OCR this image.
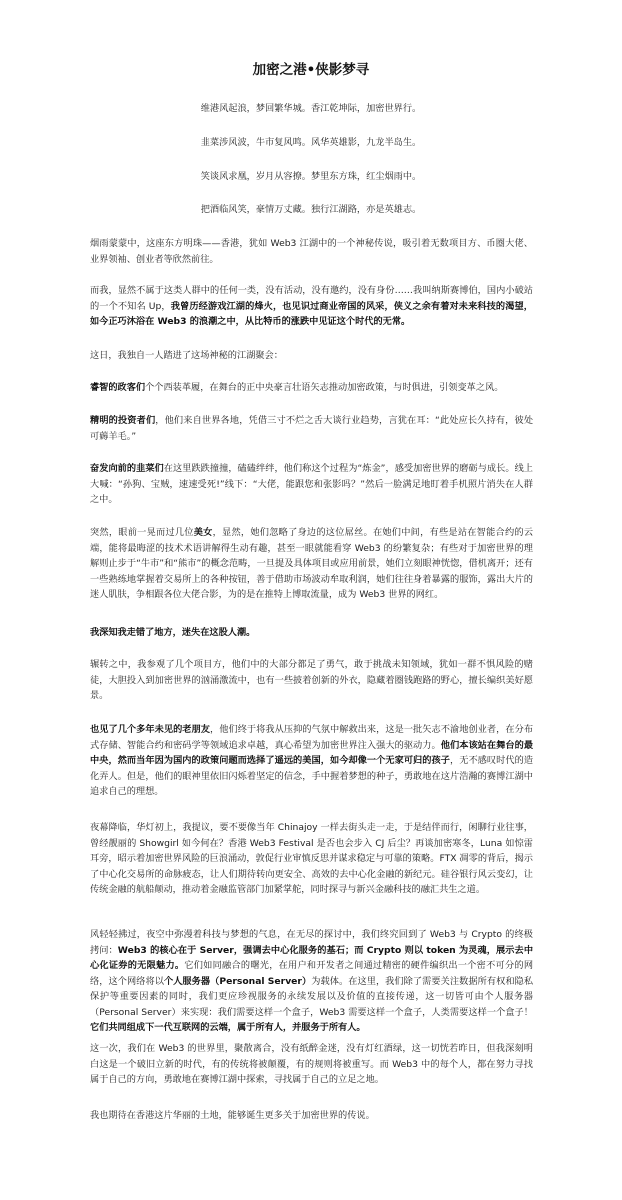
加密之港•侠影梦寻
维港风起浪，梦回繁华城。香江乾坤际，加密世界行。
韭菜涉风波，牛市复风鸣。风华英雄影，九龙半岛生。
笑谈风求凰，岁月从容撩。梦里东方珠，红尘烟雨中。
把酒临风笑，豪情万丈藏。独行江湖路，亦是英雄志。

烟雨蒙蒙中，这座东方明珠——香港，犹如 Web3 江湖中的一个神秘传说，吸引着无数项目方、币圈大佬、业界领袖、创业者等欣然前往。

而我，显然不属于这类人群中的任何一类，没有活动，没有邀约，没有身份……我叫纳斯赛博伯，国内小破站的一个不知名 Up，我曾历经游戏江湖的烽火，也见识过商业帝国的风采，侠义之余有着对未来科技的渴望，如今正巧沐浴在 Web3 的浪潮之中，从比特币的涨跌中见证这个时代的无常。

这日，我独自一人踏进了这场神秘的江湖聚会：

睿智的政客们个个西装革履，在舞台的正中央豪言壮语矢志推动加密政策，与时俱进，引领变革之风。

精明的投资者们，他们来自世界各地，凭借三寸不烂之舌大谈行业趋势，言犹在耳：“此处应长久持有，彼处可薅羊毛。”

奋发向前的韭菜们在这里跌跌撞撞，磕磕绊绊，他们称这个过程为“炼金”，感受加密世界的磨砺与成长。线上大喊：“孙狗、宝贼，速速受死!”线下：“大佬，能跟您和张影吗？”然后一脸满足地盯着手机照片消失在人群之中。

突然，眼前一晃而过几位美女，显然，她们忽略了身边的这位屌丝。在她们中间，有些是站在智能合约的云端，能将最晦涩的技术术语讲解得生动有趣，甚至一眼就能看穿 Web3 的纷繁复杂；有些对于加密世界的理解则止步于“牛市”和“熊市”的概念范畴，一旦提及具体项目或应用前景，她们立刻眼神恍惚，借机离开；还有一些熟练地掌握着交易所上的各种按钮，善于借助市场波动牟取利润，她们往往身着暴露的服饰，露出大片的迷人肌肤，争相跟各位大佬合影，为的是在推特上博取流量，成为 Web3 世界的网红。

我深知我走错了地方，迷失在这股人潮。

辗转之中，我参观了几个项目方，他们中的大部分都足了勇气，敢于挑战未知领域，犹如一群不惧风险的赌徒，大胆投入到加密世界的汹涌激流中，也有一些披着创新的外衣，隐藏着圈钱跑路的野心，擅长编织美好愿景。

也见了几个多年未见的老朋友，他们终于将我从压抑的气氛中解救出来，这是一批矢志不渝地创业者，在分布式存储、智能合约和密码学等领域追求卓越，真心希望为加密世界注入强大的驱动力。他们本该站在舞台的最中央，然而当年因为国内的政策问题而选择了遥远的美国，如今却像一个无家可归的孩子，无不感叹时代的造化弄人。但是，他们的眼神里依旧闪烁着坚定的信念，手中握着梦想的种子，勇敢地在这片浩瀚的赛博江湖中追求自己的理想。

夜幕降临，华灯初上，我提议，要不要像当年 Chinajoy 一样去街头走一走，于是结伴而行，闲聊行业往事，曾经靓丽的 Showgirl 如今何在？香港 Web3 Festival 是否也会步入 CJ 后尘？再谈加密寒冬，Luna 如惊雷耳旁，昭示着加密世界风险的巨浪涌动，敦促行业审慎反思并谋求稳定与可靠的策略。FTX 凋零的背后，揭示了中心化交易所的命脉疲态，让人们期待转向更安全、高效的去中心化金融的新纪元。硅谷银行风云变幻，让传统金融的航船颠动，推动着金融监管部门加紧掌舵，同时探寻与新兴金融科技的融汇共生之道。

风轻轻拂过，夜空中弥漫着科技与梦想的气息，在无尽的探讨中，我们终究回到了 Web3 与 Crypto 的终极拷问：Web3 的核心在于 Server，强调去中心化服务的基石；而 Crypto 则以 token 为灵魂，展示去中心化证券的无限魅力。它们如同融合的曙光，在用户和开发者之间通过精密的硬件编织出一个密不可分的网络，这个网络将以个人服务器（Personal Server）为载体。在这里，我们除了需要关注数据所有权和隐私保护等重要因素的同时，我们更应珍视服务的永续发展以及价值的直接传递，这一切皆可由个人服务器（Personal Server）来实现：我们需要这样一个盒子，Web3 需要这样一个盒子，人类需要这样一个盒子！它们共同组成下一代互联网的云端，属于所有人，并服务于所有人。

这一次，我们在 Web3 的世界里，聚散离合，没有纸醉金迷，没有灯红酒绿，这一切恍若昨日，但我深刻明白这是一个破旧立新的时代，有的传统将被颠覆，有的规则将被重写。而 Web3 中的每个人，都在努力寻找属于自己的方向，勇敢地在赛博江湖中探索，寻找属于自己的立足之地。

我也期待在香港这片华丽的土地，能够诞生更多关于加密世界的传说。
